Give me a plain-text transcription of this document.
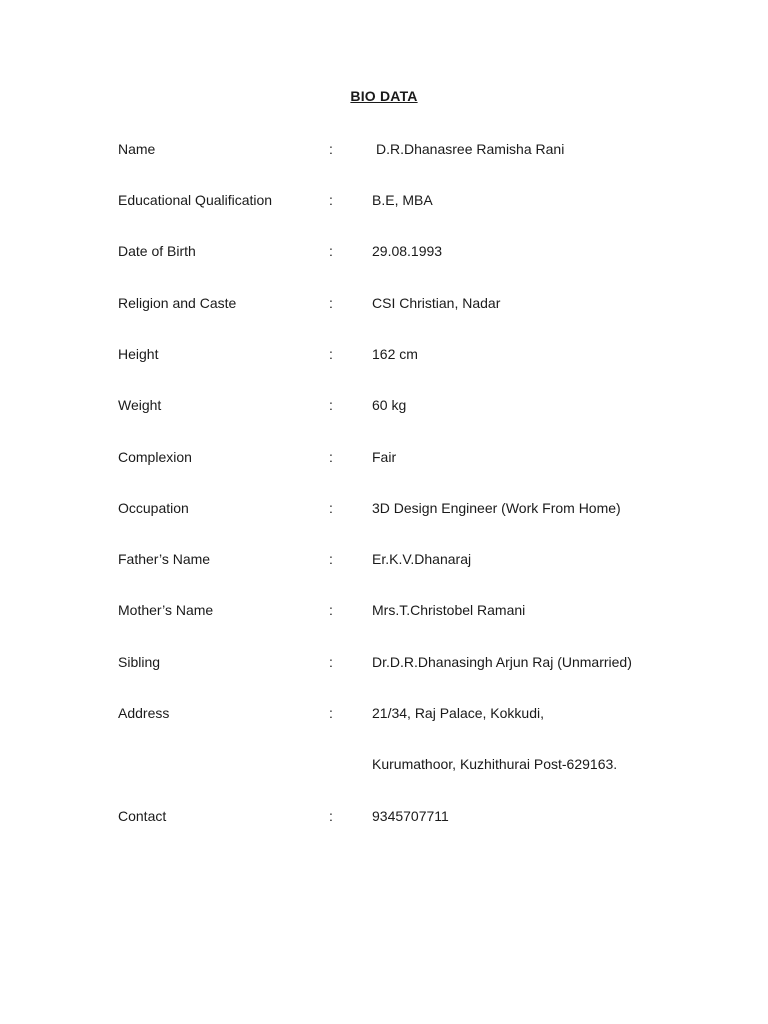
BIO DATA
Name	:	D.R.Dhanasree Ramisha Rani
Educational Qualification	:	B.E, MBA
Date of Birth	:	29.08.1993
Religion and Caste	:	CSI Christian, Nadar
Height	:	162 cm
Weight	:	60 kg
Complexion	:	Fair
Occupation	:	3D Design Engineer (Work From Home)
Father’s Name	:	Er.K.V.Dhanaraj
Mother’s Name	:	Mrs.T.Christobel Ramani
Sibling	:	Dr.D.R.Dhanasingh Arjun Raj (Unmarried)
Address	:	21/34, Raj Palace, Kokkudi,
Kurumathoor, Kuzhithurai Post-629163.
Contact	:	9345707711
